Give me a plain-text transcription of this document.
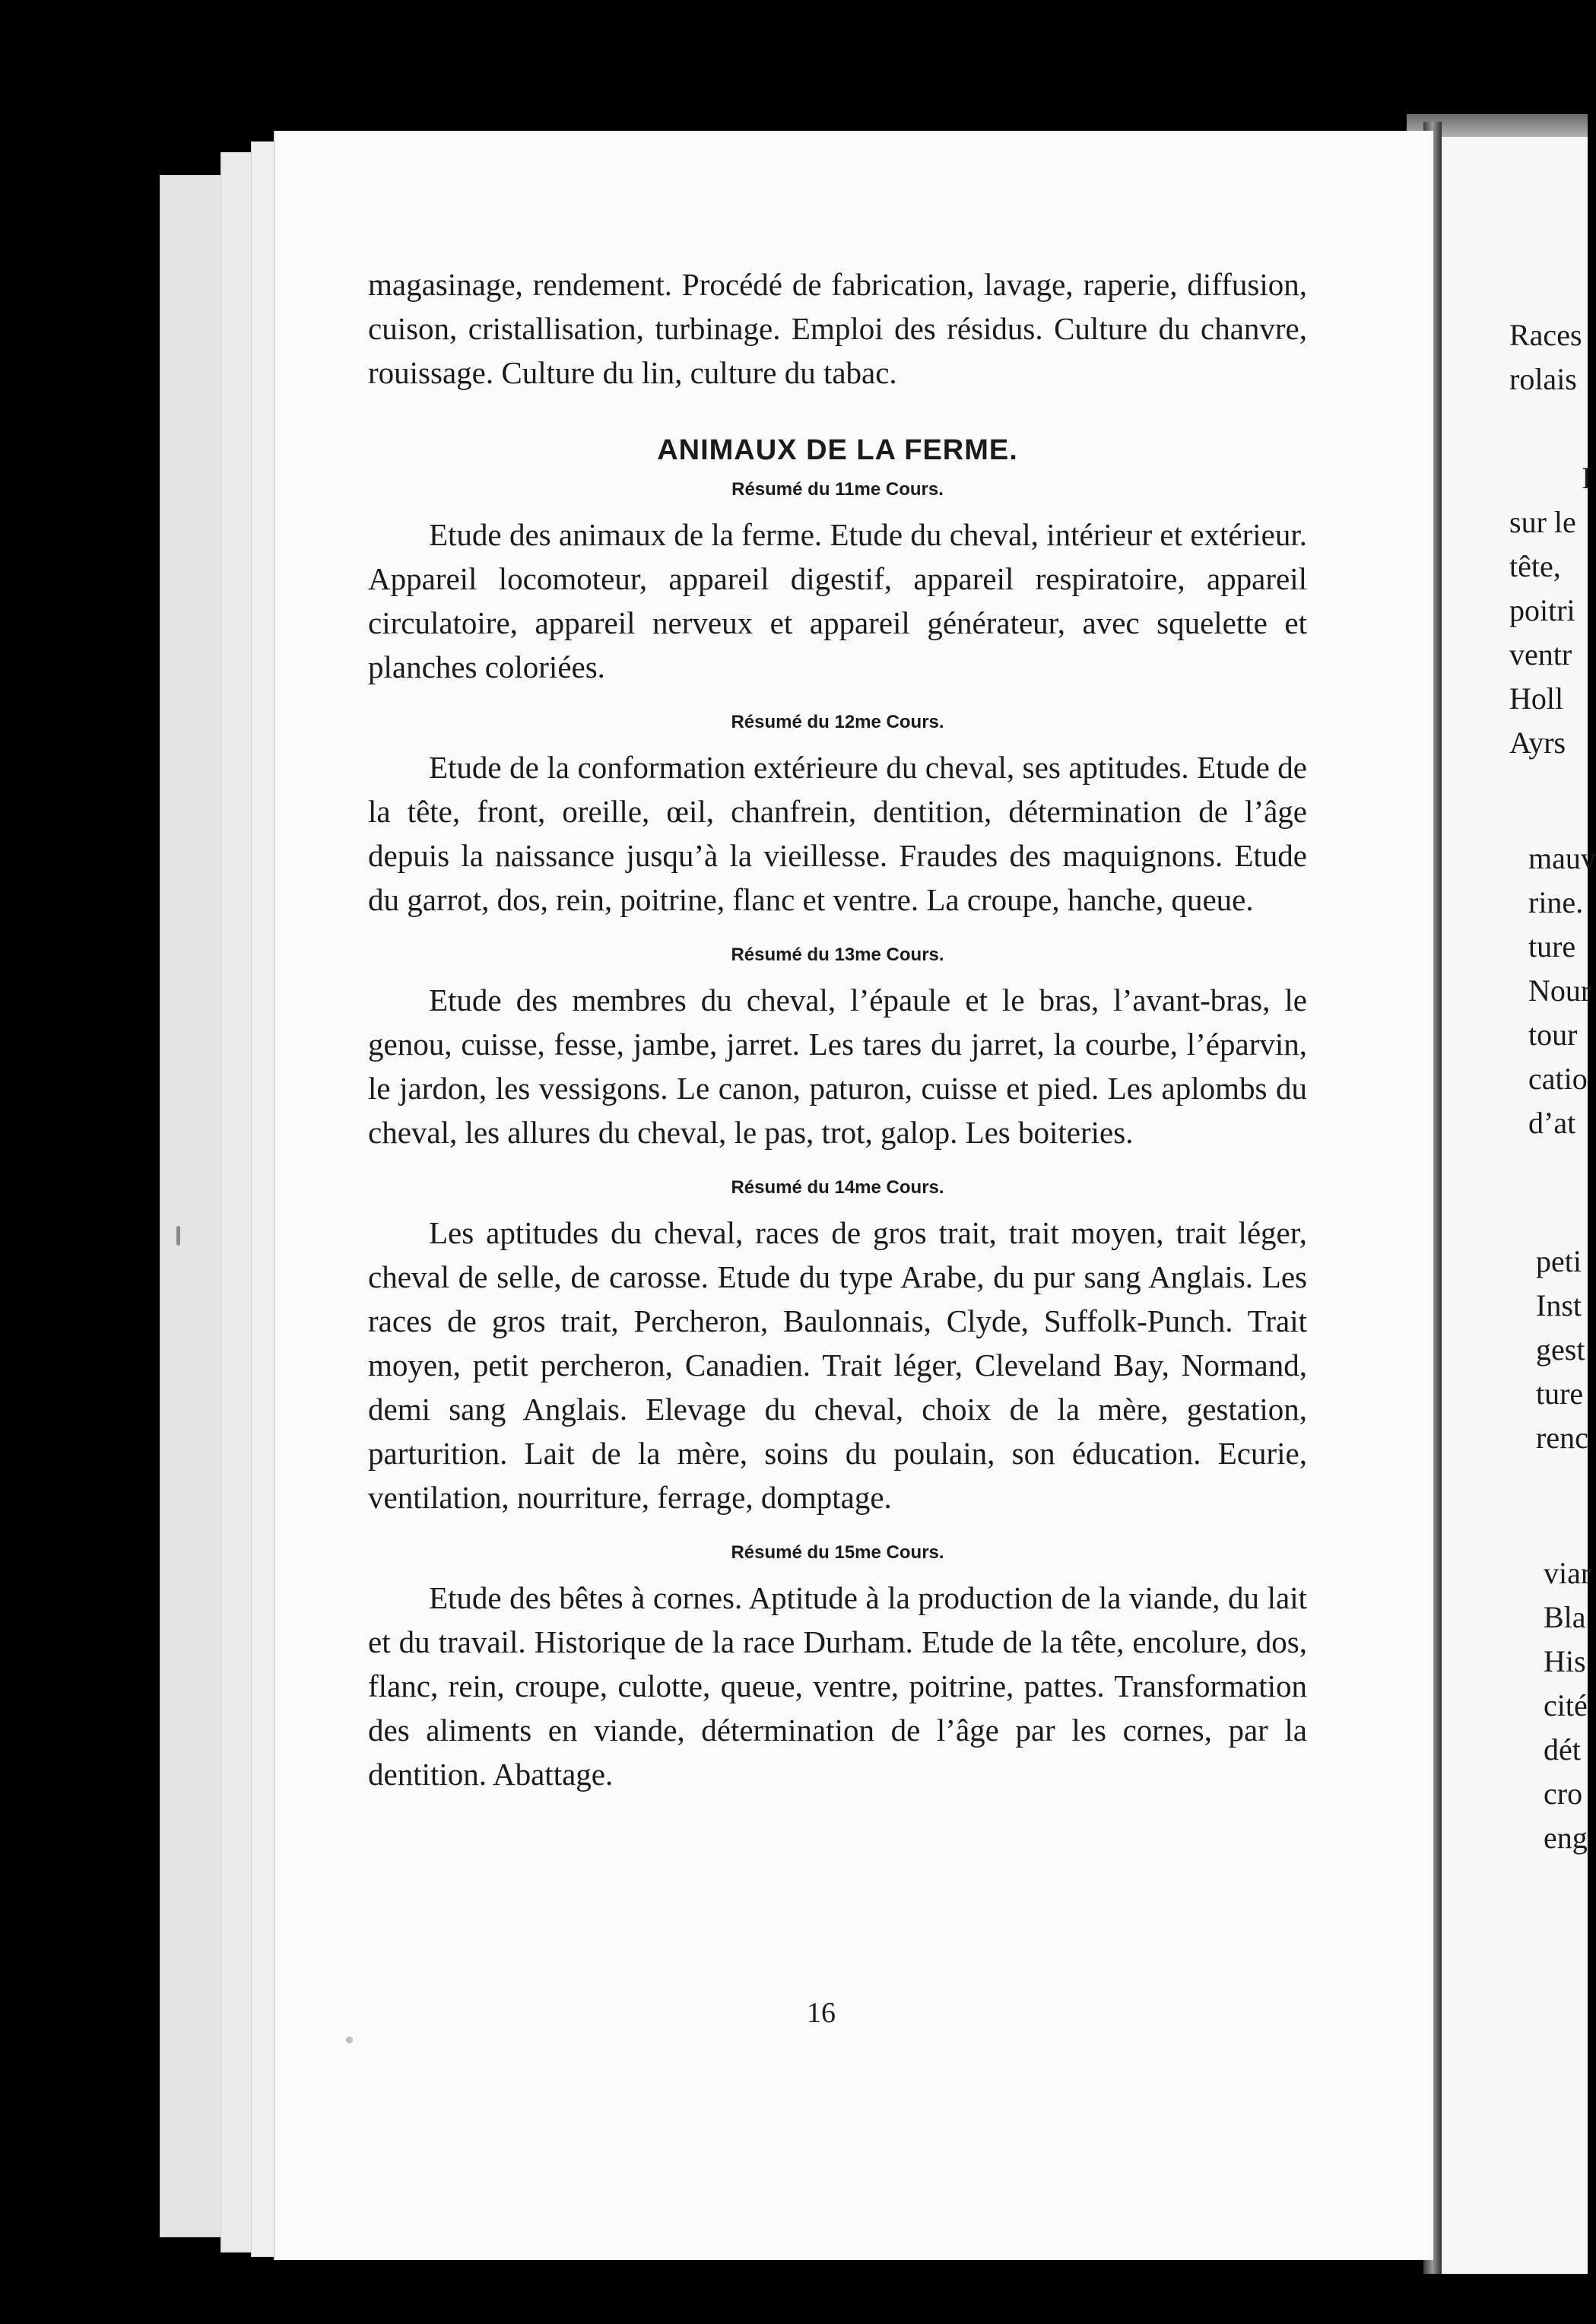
magasinage, rendement. Procédé de fabrication, lavage, raperie, diffusion, cuison, cristallisation, turbinage. Emploi des résidus. Culture du chanvre, rouissage. Culture du lin, culture du tabac.

ANIMAUX DE LA FERME.
Résumé du 11me Cours.

Etude des animaux de la ferme. Etude du cheval, intérieur et extérieur. Appareil locomoteur, appareil digestif, appareil respiratoire, appareil circulatoire, appareil nerveux et appareil générateur, avec squelette et planches coloriées.

Résumé du 12me Cours.

Etude de la conformation extérieure du cheval, ses aptitudes. Etude de la tête, front, oreille, œil, chanfrein, dentition, détermination de l’âge depuis la naissance jusqu’à la vieillesse. Fraudes des maquignons. Etude du garrot, dos, rein, poitrine, flanc et ventre. La croupe, hanche, queue.

Résumé du 13me Cours.

Etude des membres du cheval, l’épaule et le bras, l’avant-bras, le genou, cuisse, fesse, jambe, jarret. Les tares du jarret, la courbe, l’éparvin, le jardon, les vessigons. Le canon, paturon, cuisse et pied. Les aplombs du cheval, les allures du cheval, le pas, trot, galop. Les boiteries.

Résumé du 14me Cours.

Les aptitudes du cheval, races de gros trait, trait moyen, trait léger, cheval de selle, de carosse. Etude du type Arabe, du pur sang Anglais. Les races de gros trait, Percheron, Baulonnais, Clyde, Suffolk-Punch. Trait moyen, petit percheron, Canadien. Trait léger, Cleveland Bay, Normand, demi sang Anglais. Elevage du cheval, choix de la mère, gestation, parturition. Lait de la mère, soins du poulain, son éducation. Ecurie, ventilation, nourriture, ferrage, domptage.

Résumé du 15me Cours.

Etude des bêtes à cornes. Aptitude à la production de la viande, du lait et du travail. Historique de la race Durham. Etude de la tête, encolure, dos, flanc, rein, croupe, culotte, queue, ventre, poitrine, pattes. Transformation des aliments en viande, détermination de l’âge par les cornes, par la dentition. Abattage.

16
Races
rolais
I
sur le
tête,
poitri
ventr
Holl
Ayrs
mauv
rine.
ture
Nour
tour
catio
d’at
peti
Inst
gest
ture
renc
viar
Bla
His
cité
dét
cro
eng
